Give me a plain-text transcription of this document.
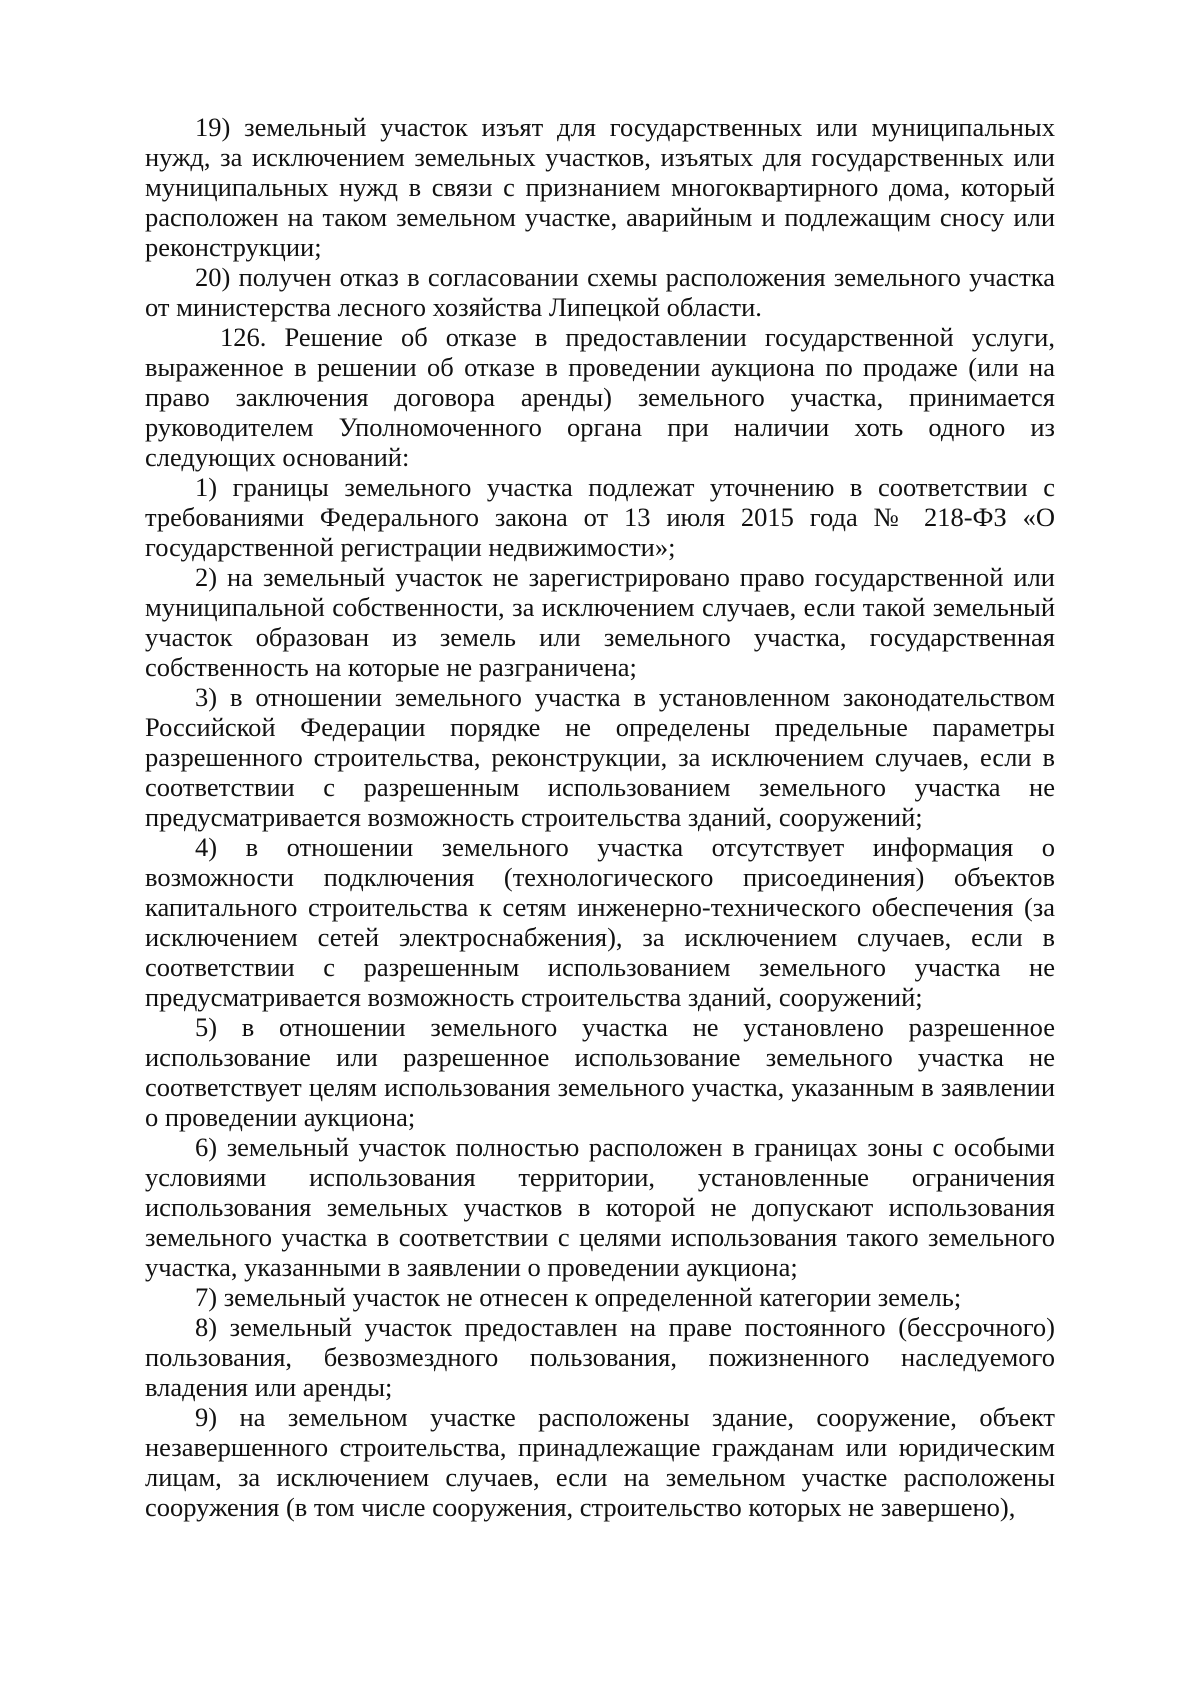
19) земельный участок изъят для государственных или муниципальных нужд, за исключением земельных участков, изъятых для государственных или муниципальных нужд в связи с признанием многоквартирного дома, который расположен на таком земельном участке, аварийным и подлежащим сносу или реконструкции;

20) получен отказ в согласовании схемы расположения земельного участка от министерства лесного хозяйства Липецкой области.

126. Решение об отказе в предоставлении государственной услуги, выраженное в решении об отказе в проведении аукциона по продаже (или на право заключения договора аренды) земельного участка, принимается руководителем Уполномоченного органа при наличии хоть одного из следующих оснований:

1) границы земельного участка подлежат уточнению в соответствии с требованиями Федерального закона от 13 июля 2015 года № 218-ФЗ «О государственной регистрации недвижимости»;

2) на земельный участок не зарегистрировано право государственной или муниципальной собственности, за исключением случаев, если такой земельный участок образован из земель или земельного участка, государственная собственность на которые не разграничена;

3) в отношении земельного участка в установленном законодательством Российской Федерации порядке не определены предельные параметры разрешенного строительства, реконструкции, за исключением случаев, если в соответствии с разрешенным использованием земельного участка не предусматривается возможность строительства зданий, сооружений;

4) в отношении земельного участка отсутствует информация о возможности подключения (технологического присоединения) объектов капитального строительства к сетям инженерно-технического обеспечения (за исключением сетей электроснабжения), за исключением случаев, если в соответствии с разрешенным использованием земельного участка не предусматривается возможность строительства зданий, сооружений;

5) в отношении земельного участка не установлено разрешенное использование или разрешенное использование земельного участка не соответствует целям использования земельного участка, указанным в заявлении о проведении аукциона;

6) земельный участок полностью расположен в границах зоны с особыми условиями использования территории, установленные ограничения использования земельных участков в которой не допускают использования земельного участка в соответствии с целями использования такого земельного участка, указанными в заявлении о проведении аукциона;

7) земельный участок не отнесен к определенной категории земель;

8) земельный участок предоставлен на праве постоянного (бессрочного) пользования, безвозмездного пользования, пожизненного наследуемого владения или аренды;

9) на земельном участке расположены здание, сооружение, объект незавершенного строительства, принадлежащие гражданам или юридическим лицам, за исключением случаев, если на земельном участке расположены сооружения (в том числе сооружения, строительство которых не завершено),
